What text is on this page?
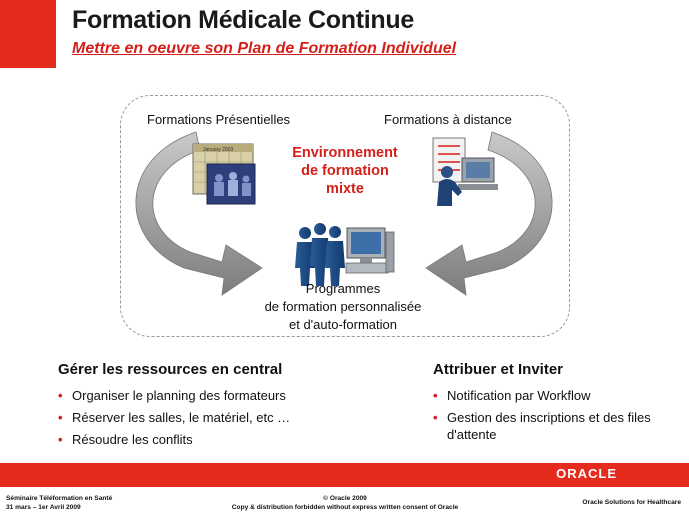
Formation Médicale Continue
Mettre en oeuvre son Plan de Formation Individuel
January 2003
Formations Présentielles	Formations à distance
Environnement
de formation
mixte
Programmes
de formation personnalisée
et d'auto-formation
Gérer les ressources en central
• Organiser le planning des formateurs
• Réserver les salles, le matériel, etc …
• Résoudre les conflits
Attribuer et Inviter
• Notification par Workflow
• Gestion des inscriptions et des files d'attente
ORACLE
Séminaire Téléformation en Santé
31 mars – 1er Avril 2009
© Oracle 2009
Copy & distribution forbidden without express written consent of Oracle
Oracle Solutions for Healthcare
